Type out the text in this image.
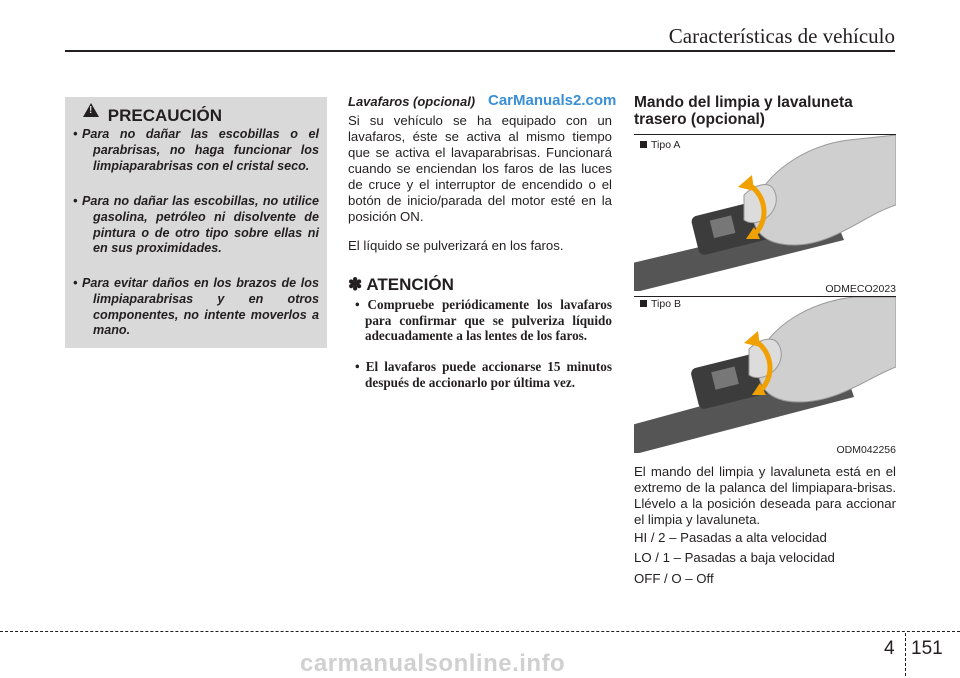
Características de vehículo
! PRECAUCIÓN
• Para no dañar las escobillas o el parabrisas, no haga funcionar los limpiaparabrisas con el cristal seco.
• Para no dañar las escobillas, no utilice gasolina, petróleo ni disolvente de pintura o de otro tipo sobre ellas ni en sus proximidades.
• Para evitar daños en los brazos de los limpiaparabrisas y en otros componentes, no intente moverlos a mano.
Lavafaros (opcional) CarManuals2.com
Si su vehículo se ha equipado con un lavafaros, éste se activa al mismo tiempo que se activa el lavaparabrisas. Funcionará cuando se enciendan los faros de las luces de cruce y el interruptor de encendido o el botón de inicio/parada del motor esté en la posición ON.
El líquido se pulverizará en los faros.
✽ ATENCIÓN
• Compruebe periódicamente los lavafaros para confirmar que se pulveriza líquido adecuadamente a las lentes de los faros.
• El lavafaros puede accionarse 15 minutos después de accionarlo por última vez.
Mando del limpia y lavaluneta trasero (opcional)
Tipo A
ODMECO2023
Tipo B
ODM042256
El mando del limpia y lavaluneta está en el extremo de la palanca del limpiapara-brisas. Llévelo a la posición deseada para accionar el limpia y lavaluneta.
HI / 2 – Pasadas a alta velocidad
LO / 1 – Pasadas a baja velocidad
OFF / O – Off
4 151
carmanualsonline.info
